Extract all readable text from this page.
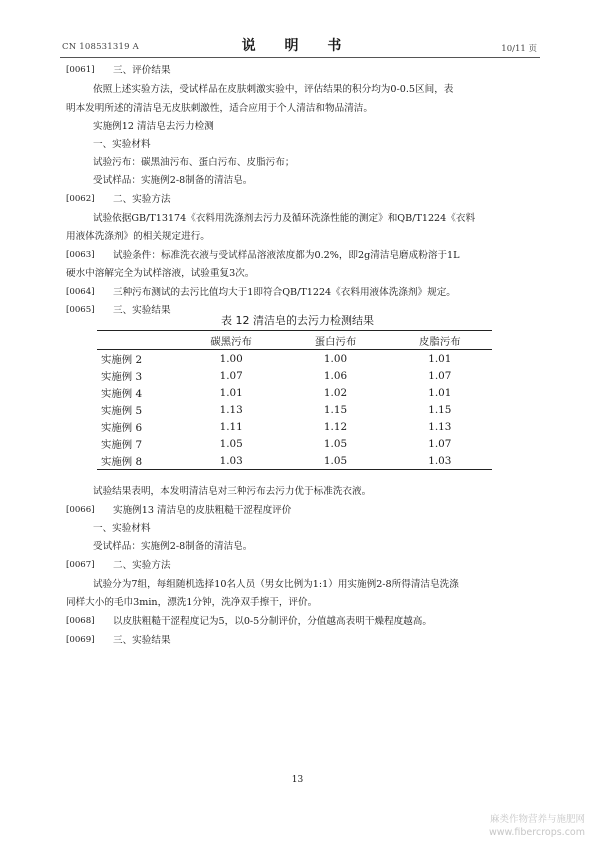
CN 108531319 A	说 明 书	10/11 页
[0061] 三、评价结果
依照上述实验方法，受试样品在皮肤刺激实验中，评估结果的积分均为0-0.5区间，表
明本发明所述的清洁皂无皮肤刺激性，适合应用于个人清洁和物品清洁。
实施例12 清洁皂去污力检测
一、实验材料
试验污布：碳黑油污布、蛋白污布、皮脂污布；
受试样品：实施例2-8制备的清洁皂。
[0062] 二、实验方法
试验依据GB/T13174《衣料用洗涤剂去污力及循环洗涤性能的测定》和QB/T1224《衣料
用液体洗涤剂》的相关规定进行。
[0063] 试验条件：标准洗衣液与受试样品溶液浓度都为0.2%，即2g清洁皂磨成粉溶于1L
硬水中溶解完全为试样溶液，试验重复3次。
[0064] 三种污布测试的去污比值均大于1即符合QB/T1224《衣料用液体洗涤剂》规定。
[0065] 三、实验结果
表 12 清洁皂的去污力检测结果
	碳黑污布	蛋白污布	皮脂污布
实施例 2	1.00	1.00	1.01
实施例 3	1.07	1.06	1.07
实施例 4	1.01	1.02	1.01
实施例 5	1.13	1.15	1.15
实施例 6	1.11	1.12	1.13
实施例 7	1.05	1.05	1.07
实施例 8	1.03	1.05	1.03
试验结果表明，本发明清洁皂对三种污布去污力优于标准洗衣液。
[0066] 实施例13 清洁皂的皮肤粗糙干涩程度评价
一、实验材料
受试样品：实施例2-8制备的清洁皂。
[0067] 二、实验方法
试验分为7组，每组随机选择10名人员（男女比例为1:1）用实施例2-8所得清洁皂洗涤
同样大小的毛巾3min，漂洗1分钟，洗净双手擦干，评价。
[0068] 以皮肤粗糙干涩程度记为5，以0-5分制评价，分值越高表明干燥程度越高。
[0069] 三、实验结果
13
麻类作物营养与施肥网
www.fibercrops.com
